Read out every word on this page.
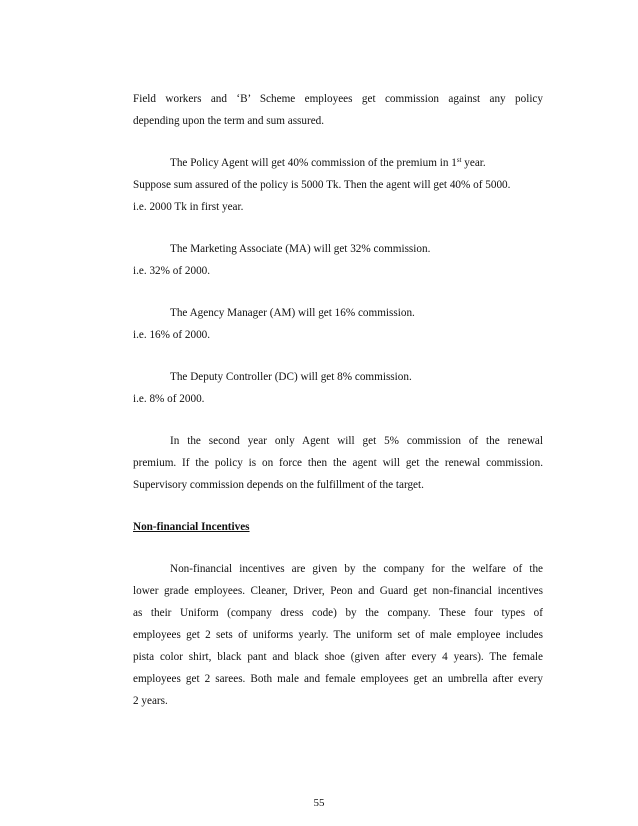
Field workers and ‘B’ Scheme employees get commission against any policy
depending upon the term and sum assured.
The Policy Agent will get 40% commission of the premium in 1st year.
Suppose sum assured of the policy is 5000 Tk. Then the agent will get 40% of 5000.
i.e. 2000 Tk in first year.
The Marketing Associate (MA) will get 32% commission.
i.e. 32% of 2000.
The Agency Manager (AM) will get 16% commission.
i.e. 16% of 2000.
The Deputy Controller (DC) will get 8% commission.
i.e. 8% of 2000.
In the second year only Agent will get 5% commission of the renewal
premium. If the policy is on force then the agent will get the renewal commission.
Supervisory commission depends on the fulfillment of the target.
Non-financial Incentives
Non-financial incentives are given by the company for the welfare of the
lower grade employees. Cleaner, Driver, Peon and Guard get non-financial incentives
as their Uniform (company dress code) by the company. These four types of
employees get 2 sets of uniforms yearly. The uniform set of male employee includes
pista color shirt, black pant and black shoe (given after every 4 years). The female
employees get 2 sarees. Both male and female employees get an umbrella after every
2 years.
55
